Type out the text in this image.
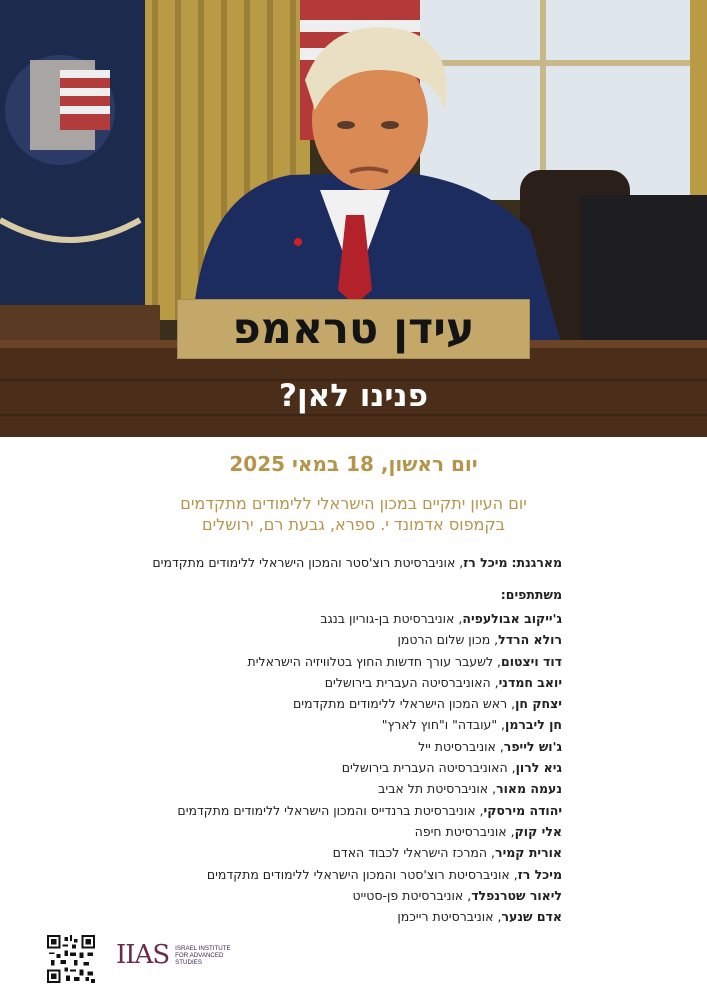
עידן טראמפ
פנינו לאן?
יום ראשון, 18 במאי 2025
יום העיון יתקיים במכון הישראלי ללימודים מתקדמים
בקמפוס אדמונד י. ספרא, גבעת רם, ירושלים
מארגנת: מיכל רז, אוניברסיטת רוצ'סטר והמכון הישראלי ללימודים מתקדמים
משתתפים:
ג'ייקוב אבולעפיה, אוניברסיטת בן-גוריון בנגב
רולא הרדל, מכון שלום הרטמן
דוד ויצטום, לשעבר עורך חדשות החוץ בטלוויזיה הישראלית
יואב חמדני, האוניברסיטה העברית בירושלים
יצחק חן, ראש המכון הישראלי ללימודים מתקדמים
חן ליברמן, "עובדה" ו"חוץ לארץ"
ג'וש לייפר, אוניברסיטת ייל
גיא לרון, האוניברסיטה העברית בירושלים
נעמה מאור, אוניברסיטת תל אביב
יהודה מירסקי, אוניברסיטת ברנדייס והמכון הישראלי ללימודים מתקדמים
אלי קוק, אוניברסיטת חיפה
אורית קמיר, המרכז הישראלי לכבוד האדם
מיכל רז, אוניברסיטת רוצ'סטר והמכון הישראלי ללימודים מתקדמים
ליאור שטרנפלד, אוניברסיטת פן-סטייט
אדם שנער, אוניברסיטת רייכמן
IIAS ISRAEL INSTITUTE
FOR ADVANCED
STUDIES
